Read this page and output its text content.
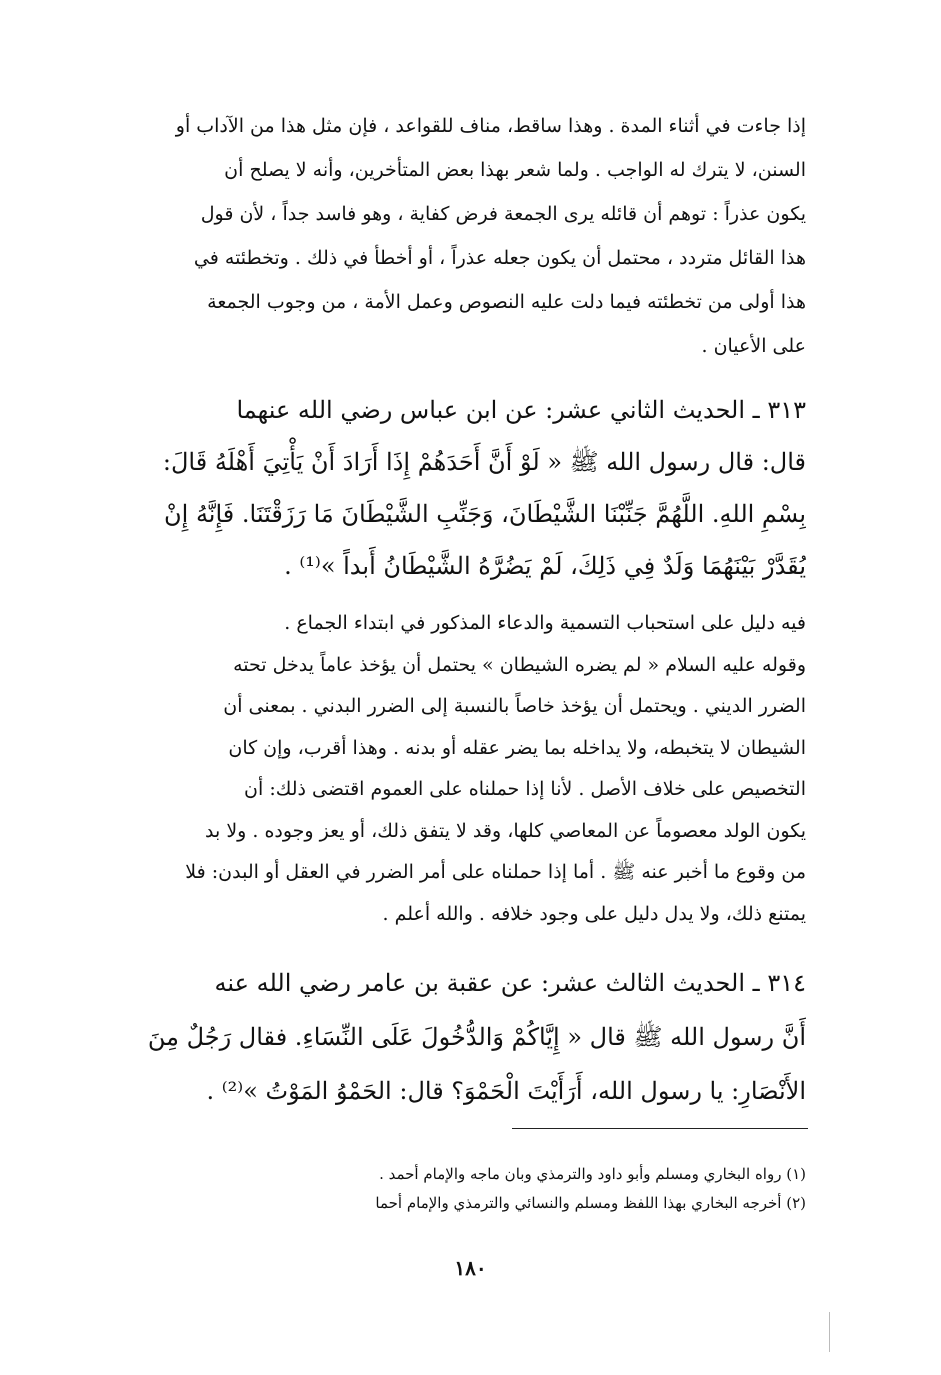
إذا جاءت في أثناء المدة . وهذا ساقط، مناف للقواعد ، فإن مثل هذا من الآداب أو
السنن، لا يترك له الواجب . ولما شعر بهذا بعض المتأخرين، وأنه لا يصلح أن
يكون عذراً : توهم أن قائله يرى الجمعة فرض كفاية ، وهو فاسد جداً ، لأن قول
هذا القائل متردد ، محتمل أن يكون جعله عذراً ، أو أخطأ في ذلك . وتخطئته في
هذا أولى من تخطئته فيما دلت عليه النصوص وعمل الأمة ، من وجوب الجمعة
على الأعيان .
٣١٣ ـ الحديث الثاني عشر: عن ابن عباس رضي الله عنهما
قال: قال رسول الله ﷺ « لَوْ أَنَّ أَحَدَهُمْ إِذَا أَرَادَ أَنْ يَأْتِيَ أَهْلَهُ قَالَ:
بِسْمِ اللهِ. اللَّهُمَّ جَنِّبْنَا الشَّيْطَانَ، وَجَنِّبِ الشَّيْطَانَ مَا رَزَقْتَنَا. فَإِنَّهُ إِنْ
يُقَدَّرْ بَيْنَهُمَا وَلَدٌ فِي ذَلِكَ، لَمْ يَضُرَّهُ الشَّيْطَانُ أَبداً »⁽¹⁾ .
فيه دليل على استحباب التسمية والدعاء المذكور في ابتداء الجماع .
وقوله عليه السلام « لم يضره الشيطان » يحتمل أن يؤخذ عاماً يدخل تحته
الضرر الديني . ويحتمل أن يؤخذ خاصاً بالنسبة إلى الضرر البدني . بمعنى أن
الشيطان لا يتخبطه، ولا يداخله بما يضر عقله أو بدنه . وهذا أقرب، وإن كان
التخصيص على خلاف الأصل . لأنا إذا حملناه على العموم اقتضى ذلك: أن
يكون الولد معصوماً عن المعاصي كلها، وقد لا يتفق ذلك، أو يعز وجوده . ولا بد
من وقوع ما أخبر عنه ﷺ . أما إذا حملناه على أمر الضرر في العقل أو البدن: فلا
يمتنع ذلك، ولا يدل دليل على وجود خلافه . والله أعلم .
٣١٤ ـ الحديث الثالث عشر: عن عقبة بن عامر رضي الله عنه
أَنَّ رسول الله ﷺ قال « إِيَّاكُمْ وَالدُّخُولَ عَلَى النِّسَاءِ. فقال رَجُلٌ مِنَ
الأَنْصَارِ: يا رسول الله، أَرَأَيْتَ الْحَمْوَ؟ قال: الحَمْوُ المَوْتُ »⁽²⁾ .
(١) رواه البخاري ومسلم وأبو داود والترمذي وبان ماجه والإمام أحمد .
(٢) أخرجه البخاري بهذا اللفظ ومسلم والنسائي والترمذي والإمام أحما
١٨٠
